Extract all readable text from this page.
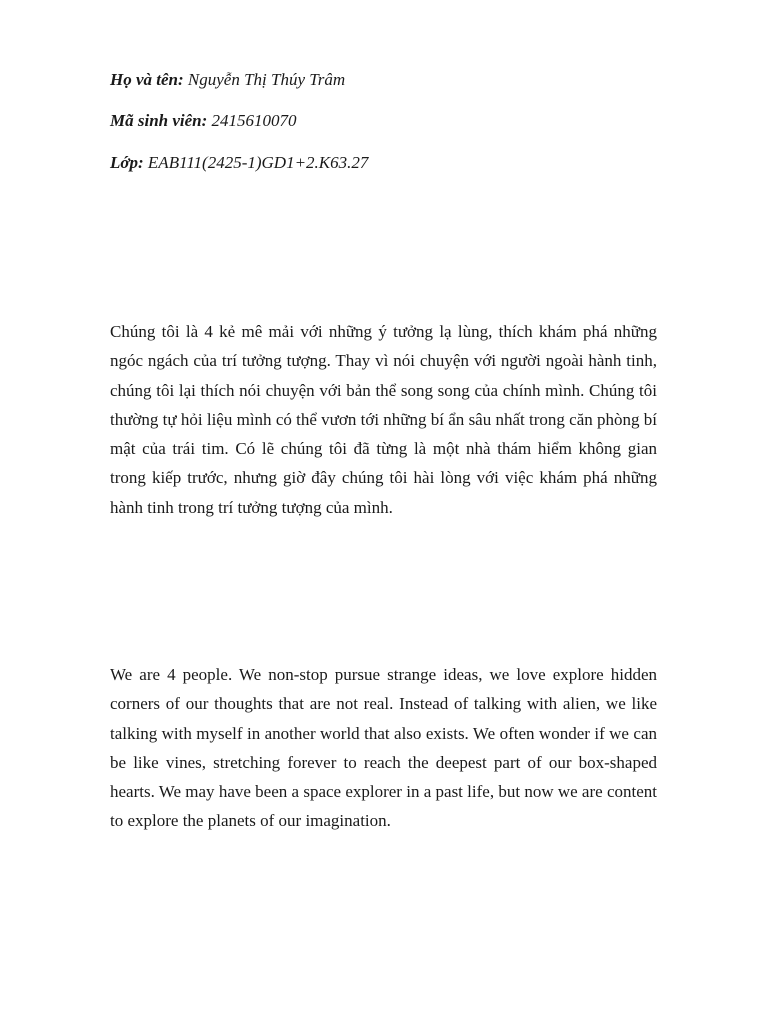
Họ và tên: Nguyễn Thị Thúy Trâm
Mã sinh viên: 2415610070
Lớp: EAB111(2425-1)GD1+2.K63.27

Chúng tôi là 4 kẻ mê mải với những ý tưởng lạ lùng, thích khám phá những ngóc ngách của trí tưởng tượng. Thay vì nói chuyện với người ngoài hành tinh, chúng tôi lại thích nói chuyện với bản thể song song của chính mình. Chúng tôi thường tự hỏi liệu mình có thể vươn tới những bí ẩn sâu nhất trong căn phòng bí mật của trái tim. Có lẽ chúng tôi đã từng là một nhà thám hiểm không gian trong kiếp trước, nhưng giờ đây chúng tôi hài lòng với việc khám phá những hành tinh trong trí tưởng tượng của mình.

We are 4 people. We non-stop pursue strange ideas, we love explore hidden corners of our thoughts that are not real. Instead of talking with alien, we like talking with myself in another world that also exists. We often wonder if we can be like vines, stretching forever to reach the deepest part of our box-shaped hearts. We may have been a space explorer in a past life, but now we are content to explore the planets of our imagination.
